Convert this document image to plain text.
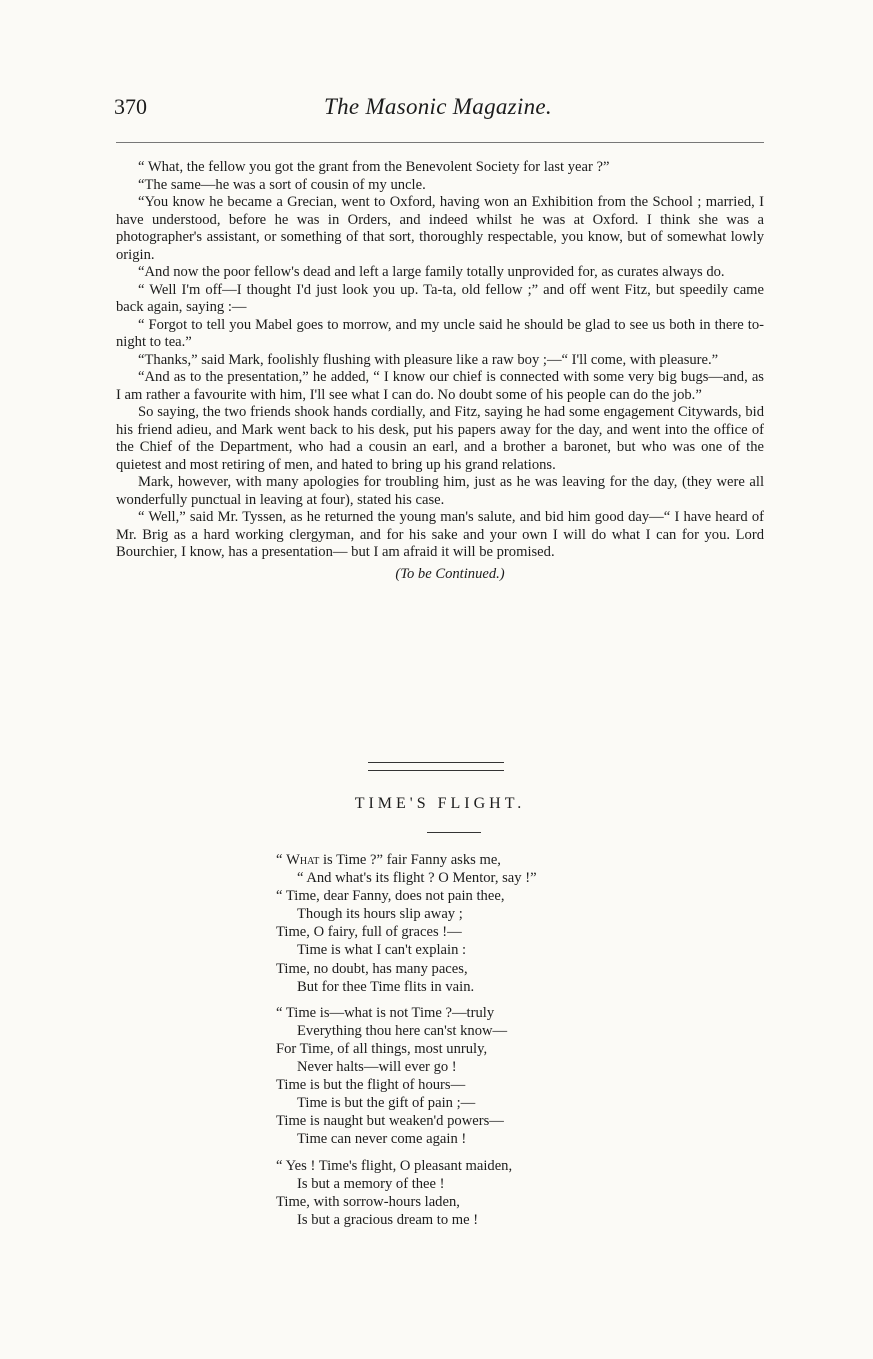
370	The Masonic Magazine.

“ What, the fellow you got the grant from the Benevolent Society for last year ?”

“The same—he was a sort of cousin of my uncle.

“You know he became a Grecian, went to Oxford, having won an Exhibition from the School ; married, I have understood, before he was in Orders, and indeed whilst he was at Oxford. I think she was a photographer's assistant, or something of that sort, thoroughly respectable, you know, but of somewhat lowly origin.

“And now the poor fellow's dead and left a large family totally unprovided for, as curates always do.

“ Well I'm off—I thought I'd just look you up. Ta-ta, old fellow ;” and off went Fitz, but speedily came back again, saying :—

“ Forgot to tell you Mabel goes to morrow, and my uncle said he should be glad to see us both in there to-night to tea.”

“Thanks,” said Mark, foolishly flushing with pleasure like a raw boy ;—“ I'll come, with pleasure.”

“And as to the presentation,” he added, “ I know our chief is connected with some very big bugs—and, as I am rather a favourite with him, I'll see what I can do. No doubt some of his people can do the job.”

So saying, the two friends shook hands cordially, and Fitz, saying he had some engagement Citywards, bid his friend adieu, and Mark went back to his desk, put his papers away for the day, and went into the office of the Chief of the Department, who had a cousin an earl, and a brother a baronet, but who was one of the quietest and most retiring of men, and hated to bring up his grand relations.

Mark, however, with many apologies for troubling him, just as he was leaving for the day, (they were all wonderfully punctual in leaving at four), stated his case.

“ Well,” said Mr. Tyssen, as he returned the young man's salute, and bid him good day—“ I have heard of Mr. Brig as a hard working clergyman, and for his sake and your own I will do what I can for you. Lord Bourchier, I know, has a presentation— but I am afraid it will be promised.

(To be Continued.)

TIME'S FLIGHT.
“ What is Time ?” fair Fanny asks me,
“ And what's its flight ? O Mentor, say !”
“ Time, dear Fanny, does not pain thee,
Though its hours slip away ;
Time, O fairy, full of graces !—
Time is what I can't explain :
Time, no doubt, has many paces,
But for thee Time flits in vain.
“ Time is—what is not Time ?—truly
Everything thou here can'st know—
For Time, of all things, most unruly,
Never halts—will ever go !
Time is but the flight of hours—
Time is but the gift of pain ;—
Time is naught but weaken'd powers—
Time can never come again !
“ Yes ! Time's flight, O pleasant maiden,
Is but a memory of thee !
Time, with sorrow-hours laden,
Is but a gracious dream to me !
